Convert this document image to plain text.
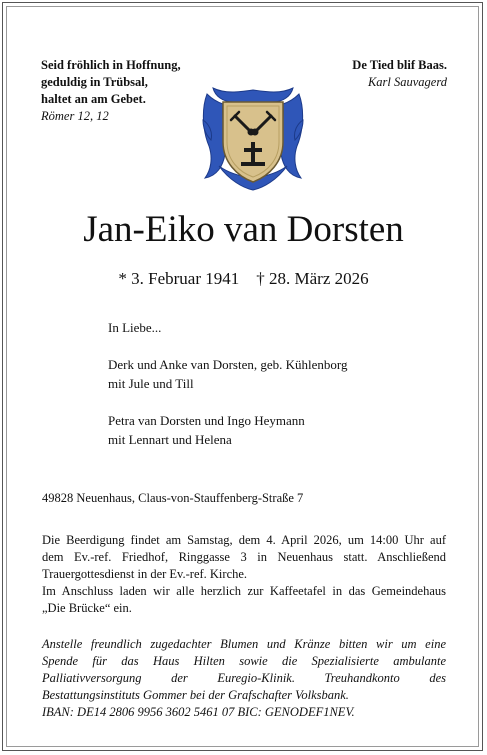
Seid fröhlich in Hoffnung,
geduldig in Trübsal,
haltet an am Gebet.
Römer 12, 12
De Tied blif Baas.
Karl Sauvagerd
Jan-Eiko van Dorsten
* 3. Februar 1941    † 28. März 2026
In Liebe...
Derk und Anke van Dorsten, geb. Kühlenborg
mit Jule und Till
Petra van Dorsten und Ingo Heymann
mit Lennart und Helena
49828 Neuenhaus, Claus-von-Stauffenberg-Straße 7
Die Beerdigung findet am Samstag, dem 4. April 2026, um 14:00 Uhr auf
dem Ev.-ref. Friedhof, Ringgasse 3 in Neuenhaus statt. Anschließend
Trauergottesdienst in der Ev.-ref. Kirche.
Im Anschluss laden wir alle herzlich zur Kaffeetafel in das Gemeindehaus
„Die Brücke“ ein.
Anstelle freundlich zugedachter Blumen und Kränze bitten wir um eine
Spende für das Haus Hilten sowie die Spezialisierte ambulante
Palliativversorgung der Euregio-Klinik. Treuhandkonto des
Bestattungsinstituts Gommer bei der Grafschafter Volksbank.
IBAN: DE14 2806 9956 3602 5461 07 BIC: GENODEF1NEV.
